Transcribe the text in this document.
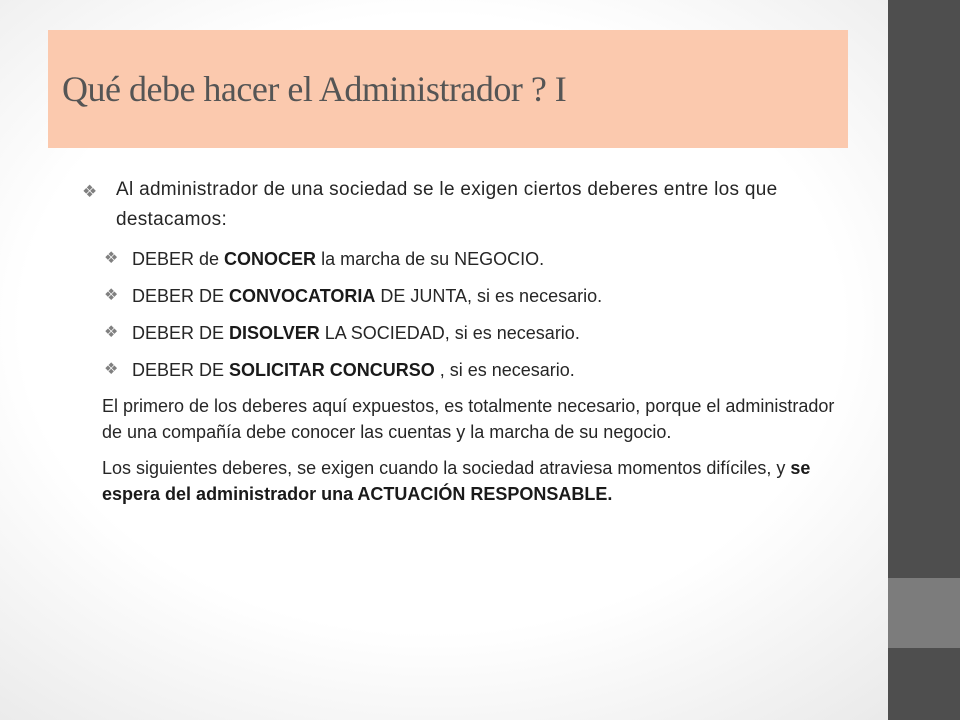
Qué debe hacer el Administrador ? I
❖ Al administrador de una sociedad se le exigen ciertos deberes entre los que destacamos:
❖ DEBER de CONOCER la marcha de su NEGOCIO.
❖ DEBER DE CONVOCATORIA DE JUNTA, si es necesario.
❖ DEBER DE DISOLVER LA SOCIEDAD, si es necesario.
❖ DEBER DE SOLICITAR CONCURSO , si es necesario.

El primero de los deberes aquí expuestos, es totalmente necesario, porque el administrador de una compañía debe conocer las cuentas y la marcha de su negocio.

Los siguientes deberes, se exigen cuando la sociedad atraviesa momentos difíciles, y se espera del administrador una ACTUACIÓN RESPONSABLE.
